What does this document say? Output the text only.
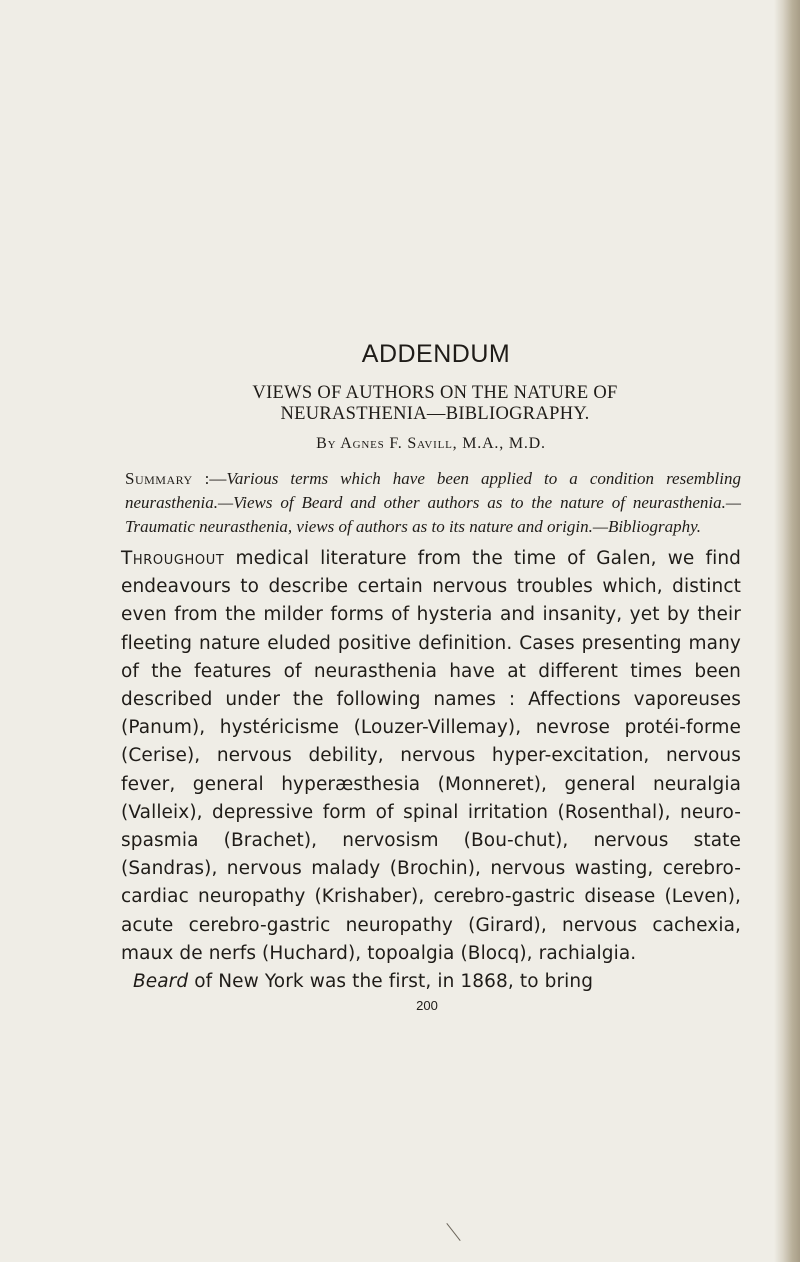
ADDENDUM
VIEWS OF AUTHORS ON THE NATURE OF
NEURASTHENIA—BIBLIOGRAPHY.
By Agnes F. Savill, M.A., M.D.

Summary :—Various terms which have been applied to a condition resembling neurasthenia.—Views of Beard and other authors as to the nature of neurasthenia.—Traumatic neurasthenia, views of authors as to its nature and origin.—Bibliography.

Throughout medical literature from the time of Galen, we find endeavours to describe certain nervous troubles which, distinct even from the milder forms of hysteria and insanity, yet by their fleeting nature eluded positive definition. Cases presenting many of the features of neurasthenia have at different times been described under the following names : Affections vaporeuses (Panum), hystéricisme (Louzer-Villemay), nevrose protéi-forme (Cerise), nervous debility, nervous hyper-excitation, nervous fever, general hyperæsthesia (Monneret), general neuralgia (Valleix), depressive form of spinal irritation (Rosenthal), neuro-spasmia (Brachet), nervosism (Bou-chut), nervous state (Sandras), nervous malady (Brochin), nervous wasting, cerebro-cardiac neuropathy (Krishaber), cerebro-gastric disease (Leven), acute cerebro-gastric neuropathy (Girard), nervous cachexia, maux de nerfs (Huchard), topoalgia (Blocq), rachialgia.

Beard of New York was the first, in 1868, to bring

200
